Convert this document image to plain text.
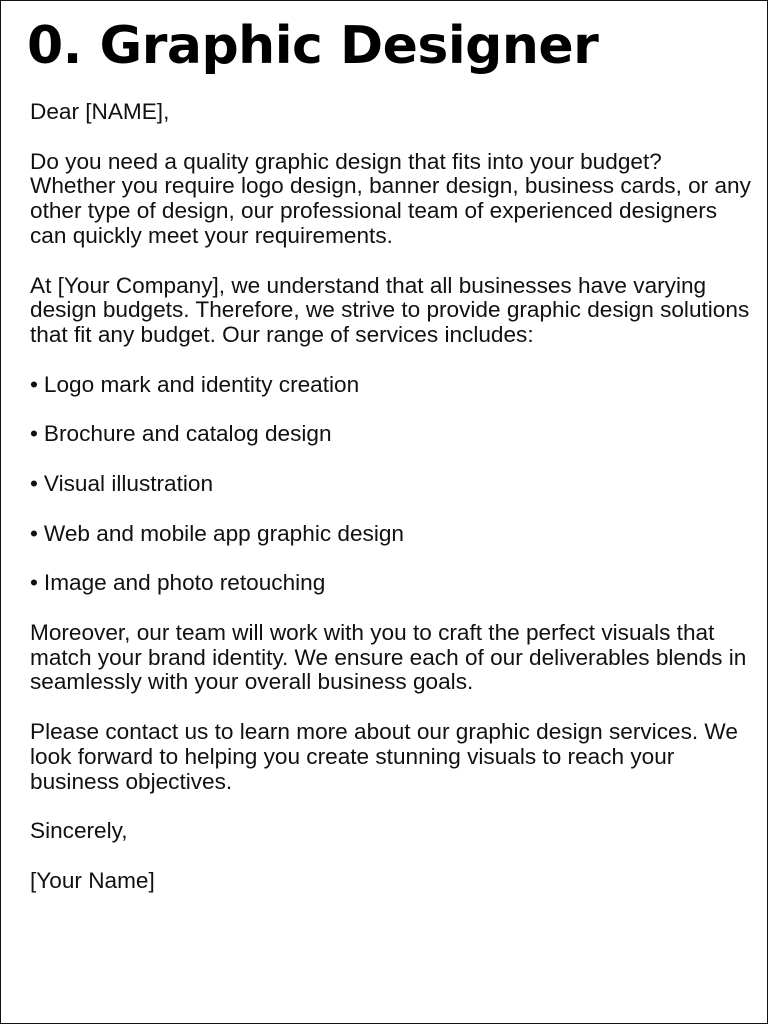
0. Graphic Designer

Dear [NAME],

Do you need a quality graphic design that fits into your budget? Whether you require logo design, banner design, business cards, or any other type of design, our professional team of experienced designers can quickly meet your requirements.

At [Your Company], we understand that all businesses have varying design budgets. Therefore, we strive to provide graphic design solutions that fit any budget. Our range of services includes:

• Logo mark and identity creation

• Brochure and catalog design

• Visual illustration

• Web and mobile app graphic design

• Image and photo retouching

Moreover, our team will work with you to craft the perfect visuals that match your brand identity. We ensure each of our deliverables blends in seamlessly with your overall business goals.

Please contact us to learn more about our graphic design services. We look forward to helping you create stunning visuals to reach your business objectives.

Sincerely,

[Your Name]
